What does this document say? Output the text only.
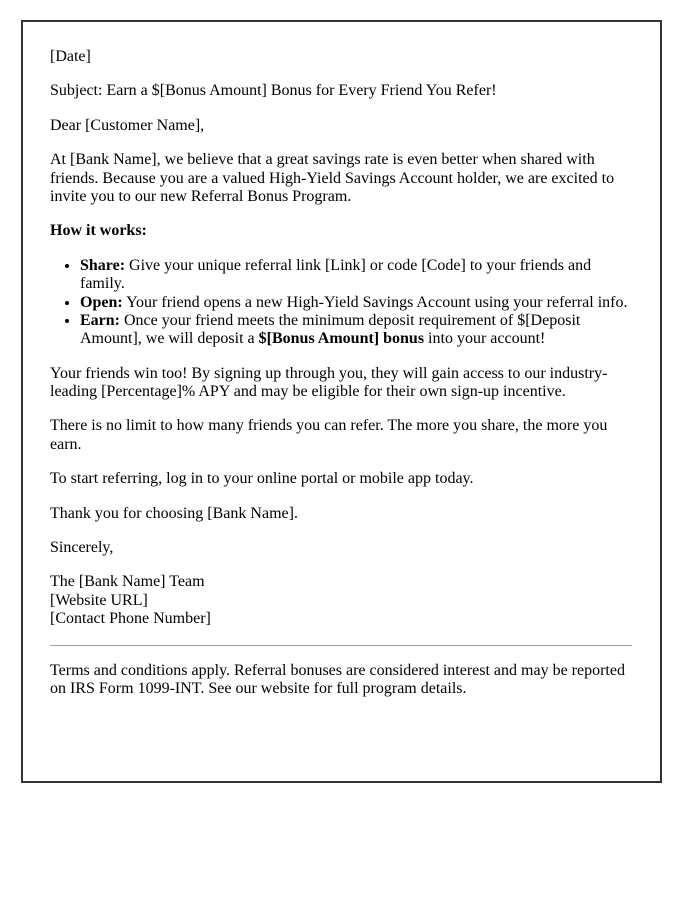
[Date]

Subject: Earn a $[Bonus Amount] Bonus for Every Friend You Refer!

Dear [Customer Name],

At [Bank Name], we believe that a great savings rate is even better when shared with friends. Because you are a valued High-Yield Savings Account holder, we are excited to invite you to our new Referral Bonus Program.

How it works:

• Share: Give your unique referral link [Link] or code [Code] to your friends and family.
• Open: Your friend opens a new High-Yield Savings Account using your referral info.
• Earn: Once your friend meets the minimum deposit requirement of $[Deposit Amount], we will deposit a $[Bonus Amount] bonus into your account!

Your friends win too! By signing up through you, they will gain access to our industry-leading [Percentage]% APY and may be eligible for their own sign-up incentive.

There is no limit to how many friends you can refer. The more you share, the more you earn.

To start referring, log in to your online portal or mobile app today.

Thank you for choosing [Bank Name].

Sincerely,

The [Bank Name] Team
[Website URL]
[Contact Phone Number]

Terms and conditions apply. Referral bonuses are considered interest and may be reported on IRS Form 1099-INT. See our website for full program details.
